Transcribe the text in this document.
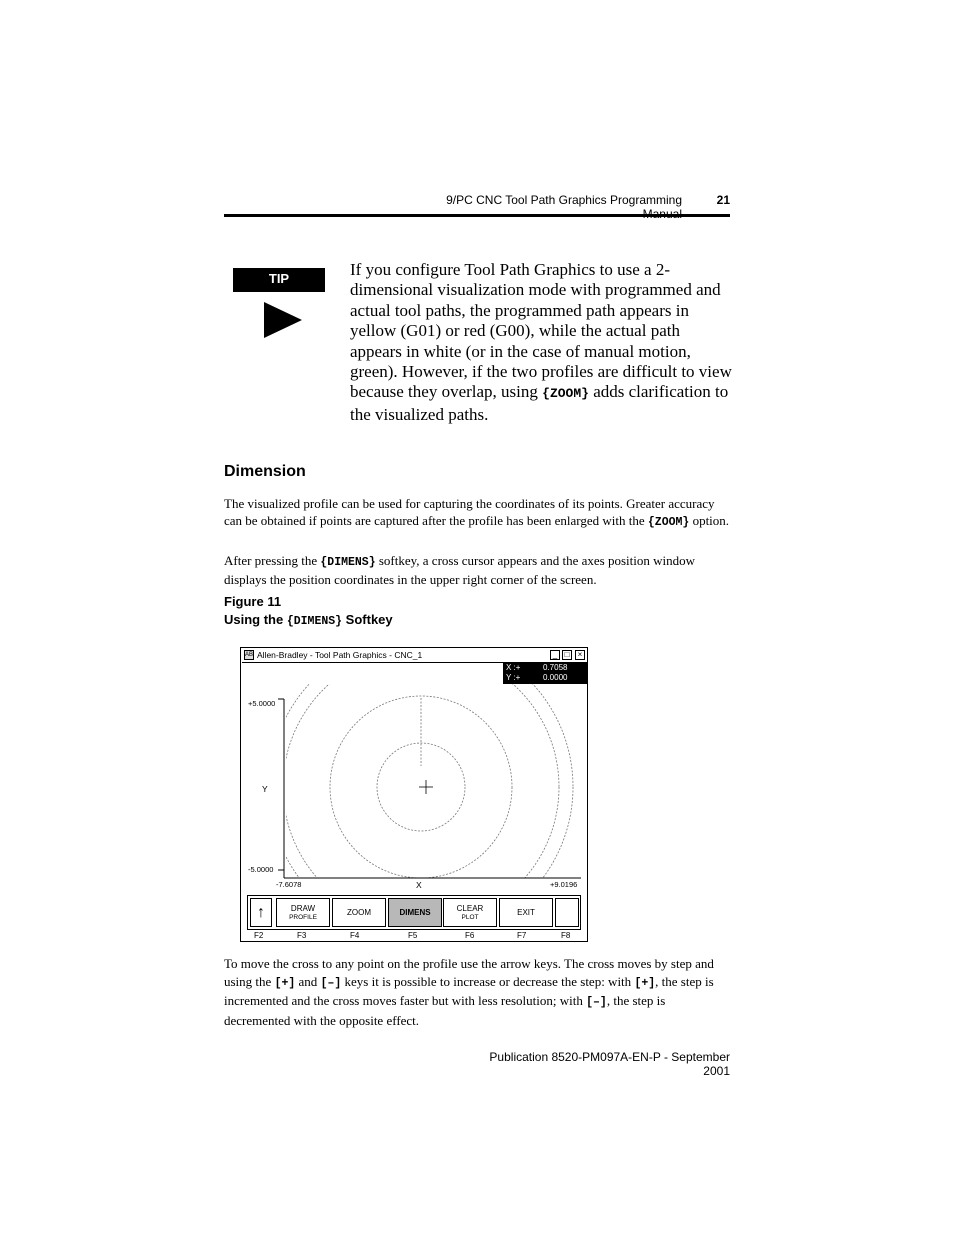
9/PC CNC Tool Path Graphics Programming	21
TIP	If you configure Tool Path Graphics to use a 2-dimensional visualization mode with programmed and actual tool paths, the programmed path appears in yellow (G01) or red (G00), while the actual path appears in white (or in the case of manual motion, green). However, if the two profiles are difficult to view because they overlap, using {ZOOM} adds clarification to the visualized paths.
Dimension
The visualized profile can be used for capturing the coordinates of its points. Greater accuracy can be obtained if points are captured after the profile has been enlarged with the {ZOOM} option.
After pressing the {DIMENS} softkey, a cross cursor appears and the axes position window displays the position coordinates in the upper right corner of the screen.
Figure 11
Using the {DIMENS} Softkey
+5.0000
-5.0000
Y
-7.6078	+9.0196
X
AB Allen-Bradley - Tool Path Graphics - CNC_1	_ □	×
X :+	0.7058
Y :+	0.0000
↑	DRAW
PROFILE	ZOOM	DIMENS	CLEAR
PLOT	EXIT
F2	F3	F4	F5	F6	F7	F8
To move the cross to any point on the profile use the arrow keys. The cross moves by step and using the [+] and [–] keys it is possible to increase or decrease the step: with [+], the step is incremented and the cross moves faster but with less resolution; with [–], the step is decremented with the opposite effect.
Publication 8520-PM097A-EN-P - September 2001
